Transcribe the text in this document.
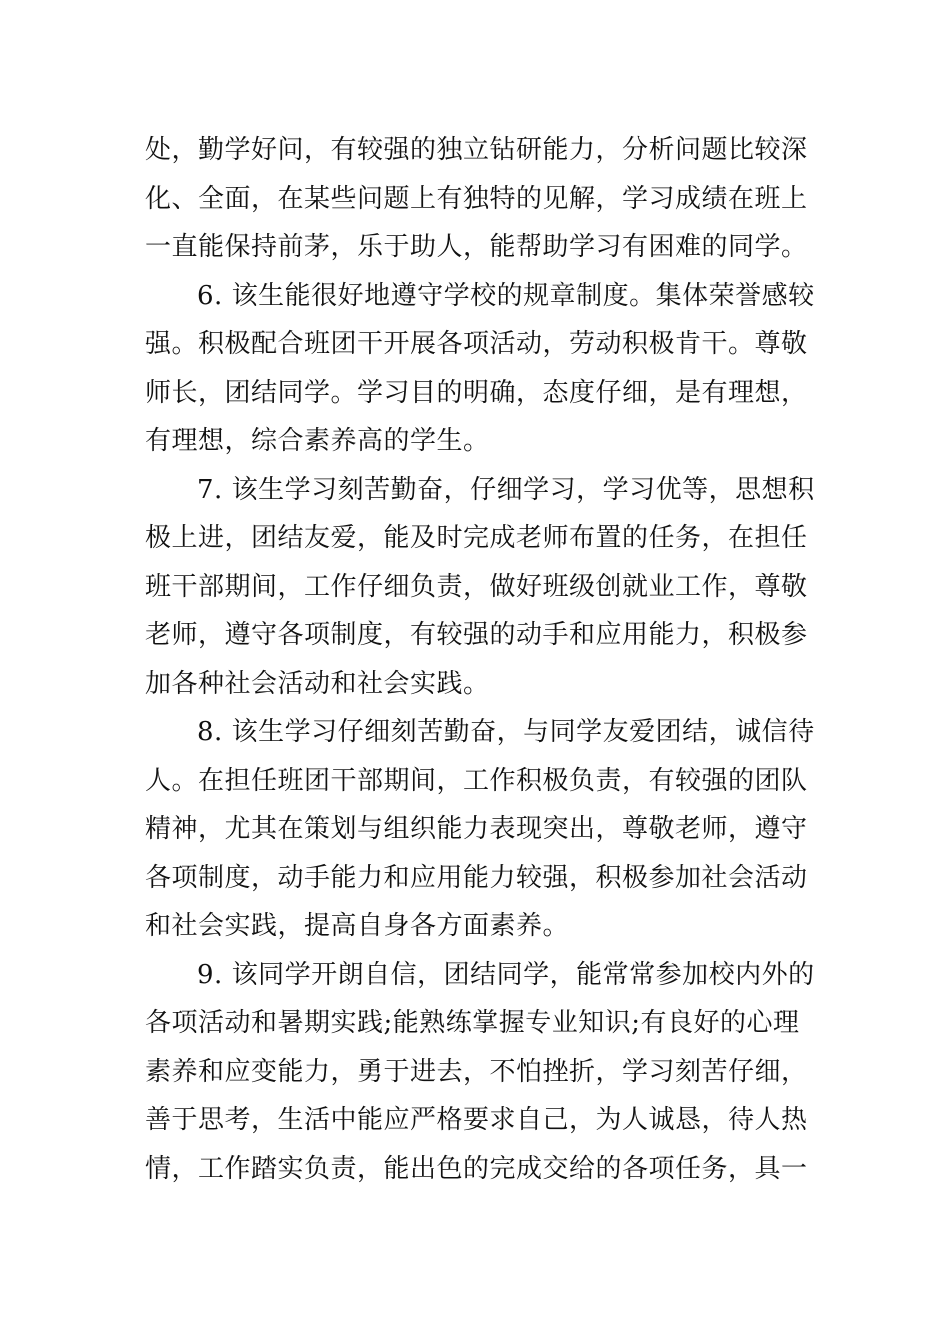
处，勤学好问，有较强的独立钻研能力，分析问题比较深
化、全面，在某些问题上有独特的见解，学习成绩在班上
一直能保持前茅，乐于助人，能帮助学习有困难的同学。
6. 该生能很好地遵守学校的规章制度。集体荣誉感较
强。积极配合班团干开展各项活动，劳动积极肯干。尊敬
师长，团结同学。学习目的明确，态度仔细，是有理想，
有理想，综合素养高的学生。
7. 该生学习刻苦勤奋，仔细学习，学习优等，思想积
极上进，团结友爱，能及时完成老师布置的任务，在担任
班干部期间，工作仔细负责，做好班级创就业工作，尊敬
老师，遵守各项制度，有较强的动手和应用能力，积极参
加各种社会活动和社会实践。
8. 该生学习仔细刻苦勤奋，与同学友爱团结，诚信待
人。在担任班团干部期间，工作积极负责，有较强的团队
精神，尤其在策划与组织能力表现突出，尊敬老师，遵守
各项制度，动手能力和应用能力较强，积极参加社会活动
和社会实践，提高自身各方面素养。
9. 该同学开朗自信，团结同学，能常常参加校内外的
各项活动和暑期实践;能熟练掌握专业知识;有良好的心理
素养和应变能力，勇于进去，不怕挫折，学习刻苦仔细，
善于思考，生活中能应严格要求自己，为人诚恳，待人热
情，工作踏实负责，能出色的完成交给的各项任务，具一
